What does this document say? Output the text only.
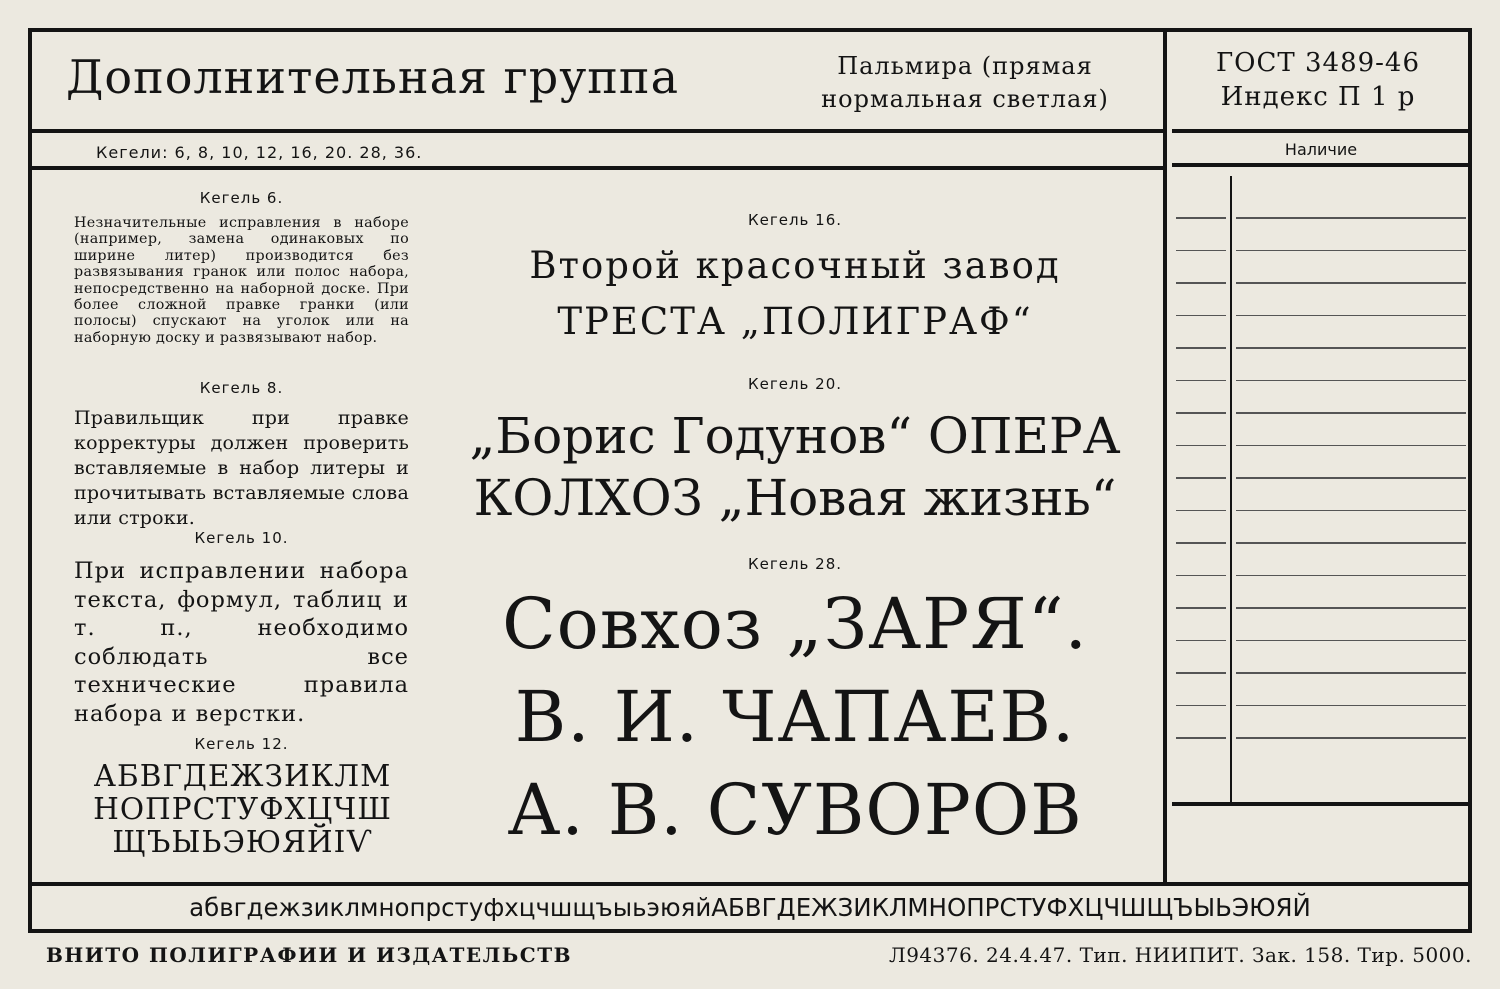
Дополнительная группа	Пальмира (прямая
нормальная светлая)
ГОСТ 3489-46
Индекс П 1 р
Кегели: 6, 8, 10, 12, 16, 20. 28, 36.	Наличие
Кегель 6.
Незначительные исправления в наборе (например, замена одинаковых по ширине литер) производится без развязывания гранок или полос набора, непосредственно на наборной доске. При более сложной правке гранки (или полосы) спускают на уголок или на наборную доску и развязывают набор.
Кегель 8.
Правильщик при правке корректуры должен проверить вставляемые в набор литеры и прочитывать вставляемые слова или строки.
Кегель 10.
При исправлении набора текста, формул, таблиц и т. п., необходимо соблюдать все технические правила набора и верстки.
Кегель 12.
АБВГДЕЖЗИКЛМ
НОПРСТУФХЦЧШ
ЩЪЫЬЭЮЯЙІѴ
Кегель 16.
Второй красочный завод
ТРЕСТА „ПОЛИГРАФ“
Кегель 20.
„Борис Годунов“ ОПЕРА
КОЛХОЗ „Новая жизнь“
Кегель 28.
Совхоз „ЗАРЯ“.
В. И. ЧАПАЕВ.
А. В. СУВОРОВ
абвгдежзиклмнопрстуфхцчшщъыьэюяйАБВГДЕЖЗИКЛМНОПРСТУФХЦЧШЩЪЫЬЭЮЯЙ
ВНИТО ПОЛИГРАФИИ И ИЗДАТЕЛЬСТВ	Л94376. 24.4.47. Тип. НИИПИТ. Зак. 158. Тир. 5000.
